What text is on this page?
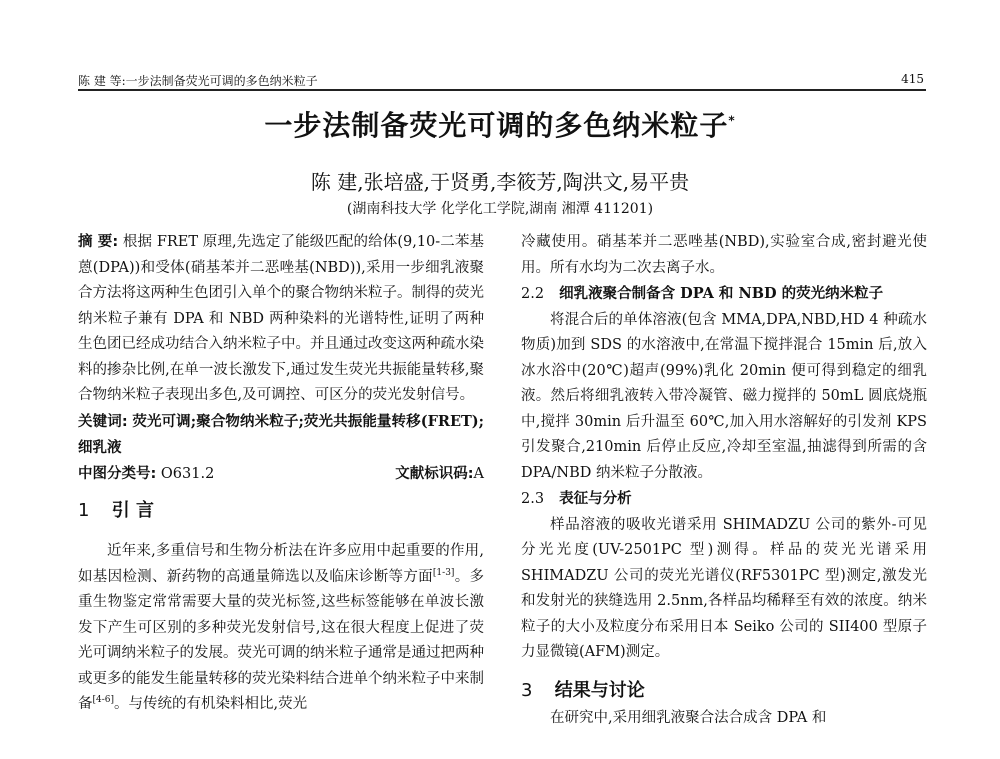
陈 建 等:一步法制备荧光可调的多色纳米粒子	415
一步法制备荧光可调的多色纳米粒子*
陈 建,张培盛,于贤勇,李筱芳,陶洪文,易平贵
(湖南科技大学 化学化工学院,湖南 湘潭 411201)
摘 要: 根据 FRET 原理,先选定了能级匹配的给体(9,10-二苯基蒽(DPA))和受体(硝基苯并二恶唑基(NBD)),采用一步细乳液聚合方法将这两种生色团引入单个的聚合物纳米粒子。制得的荧光纳米粒子兼有 DPA 和 NBD 两种染料的光谱特性,证明了两种生色团已经成功结合入纳米粒子中。并且通过改变这两种疏水染料的掺杂比例,在单一波长激发下,通过发生荧光共振能量转移,聚合物纳米粒子表现出多色,及可调控、可区分的荧光发射信号。
关键词: 荧光可调;聚合物纳米粒子;荧光共振能量转移(FRET);细乳液
中图分类号: O631.2	文献标识码:A
1 引 言
近年来,多重信号和生物分析法在许多应用中起重要的作用,如基因检测、新药物的高通量筛选以及临床诊断等方面[1-3]。多重生物鉴定常常需要大量的荧光标签,这些标签能够在单波长激发下产生可区别的多种荧光发射信号,这在很大程度上促进了荧光可调纳米粒子的发展。荧光可调的纳米粒子通常是通过把两种或更多的能发生能量转移的荧光染料结合进单个纳米粒子中来制备[4-6]。与传统的有机染料相比,荧光
冷藏使用。硝基苯并二恶唑基(NBD),实验室合成,密封避光使用。所有水均为二次去离子水。
2.2 细乳液聚合制备含 DPA 和 NBD 的荧光纳米粒子
将混合后的单体溶液(包含 MMA,DPA,NBD,HD 4 种疏水物质)加到 SDS 的水溶液中,在常温下搅拌混合 15min 后,放入冰水浴中(20℃)超声(99%)乳化 20min 便可得到稳定的细乳液。然后将细乳液转入带冷凝管、磁力搅拌的 50mL 圆底烧瓶中,搅拌 30min 后升温至 60℃,加入用水溶解好的引发剂 KPS 引发聚合,210min 后停止反应,冷却至室温,抽滤得到所需的含 DPA/NBD 纳米粒子分散液。
2.3 表征与分析
样品溶液的吸收光谱采用 SHIMADZU 公司的紫外-可见分光光度(UV-2501PC 型)测得。样品的荧光光谱采用 SHIMADZU 公司的荧光光谱仪(RF5301PC 型)测定,激发光和发射光的狭缝选用 2.5nm,各样品均稀释至有效的浓度。纳米粒子的大小及粒度分布采用日本 Seiko 公司的 SII400 型原子力显微镜(AFM)测定。
3 结果与讨论
在研究中,采用细乳液聚合法合成含 DPA 和
